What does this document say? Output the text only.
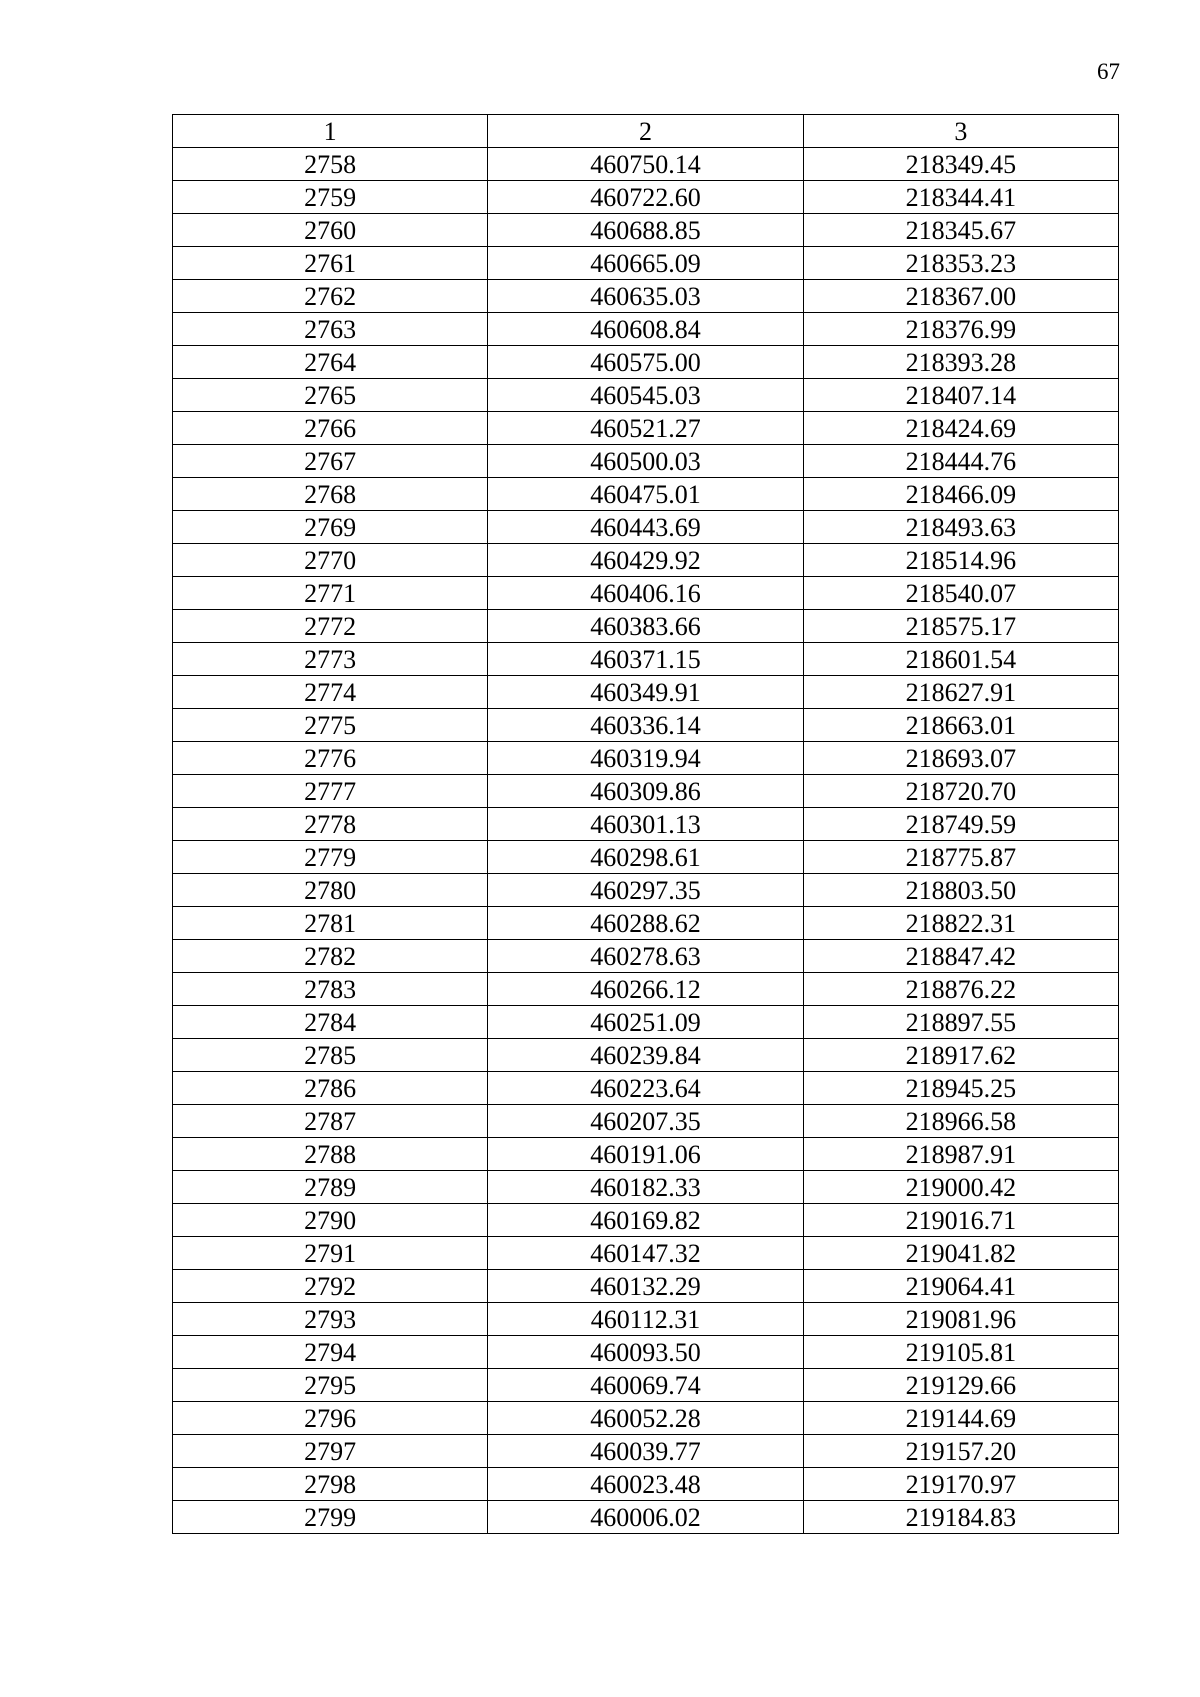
67
1	2	3
2758	460750.14	218349.45
2759	460722.60	218344.41
2760	460688.85	218345.67
2761	460665.09	218353.23
2762	460635.03	218367.00
2763	460608.84	218376.99
2764	460575.00	218393.28
2765	460545.03	218407.14
2766	460521.27	218424.69
2767	460500.03	218444.76
2768	460475.01	218466.09
2769	460443.69	218493.63
2770	460429.92	218514.96
2771	460406.16	218540.07
2772	460383.66	218575.17
2773	460371.15	218601.54
2774	460349.91	218627.91
2775	460336.14	218663.01
2776	460319.94	218693.07
2777	460309.86	218720.70
2778	460301.13	218749.59
2779	460298.61	218775.87
2780	460297.35	218803.50
2781	460288.62	218822.31
2782	460278.63	218847.42
2783	460266.12	218876.22
2784	460251.09	218897.55
2785	460239.84	218917.62
2786	460223.64	218945.25
2787	460207.35	218966.58
2788	460191.06	218987.91
2789	460182.33	219000.42
2790	460169.82	219016.71
2791	460147.32	219041.82
2792	460132.29	219064.41
2793	460112.31	219081.96
2794	460093.50	219105.81
2795	460069.74	219129.66
2796	460052.28	219144.69
2797	460039.77	219157.20
2798	460023.48	219170.97
2799	460006.02	219184.83
